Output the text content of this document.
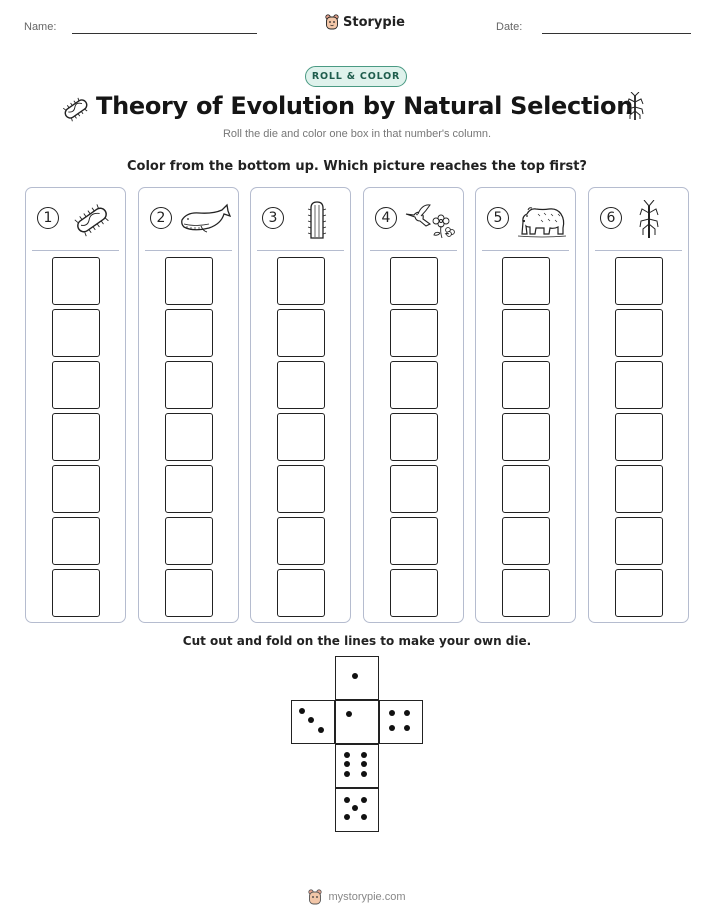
Name:	Storypie	Date:
ROLL & COLOR
Theory of Evolution by Natural Selection
Roll the die and color one box in that number's column.
Color from the bottom up. Which picture reaches the top first?
1	2	3	4	5	6
Cut out and fold on the lines to make your own die.
mystorypie.com
